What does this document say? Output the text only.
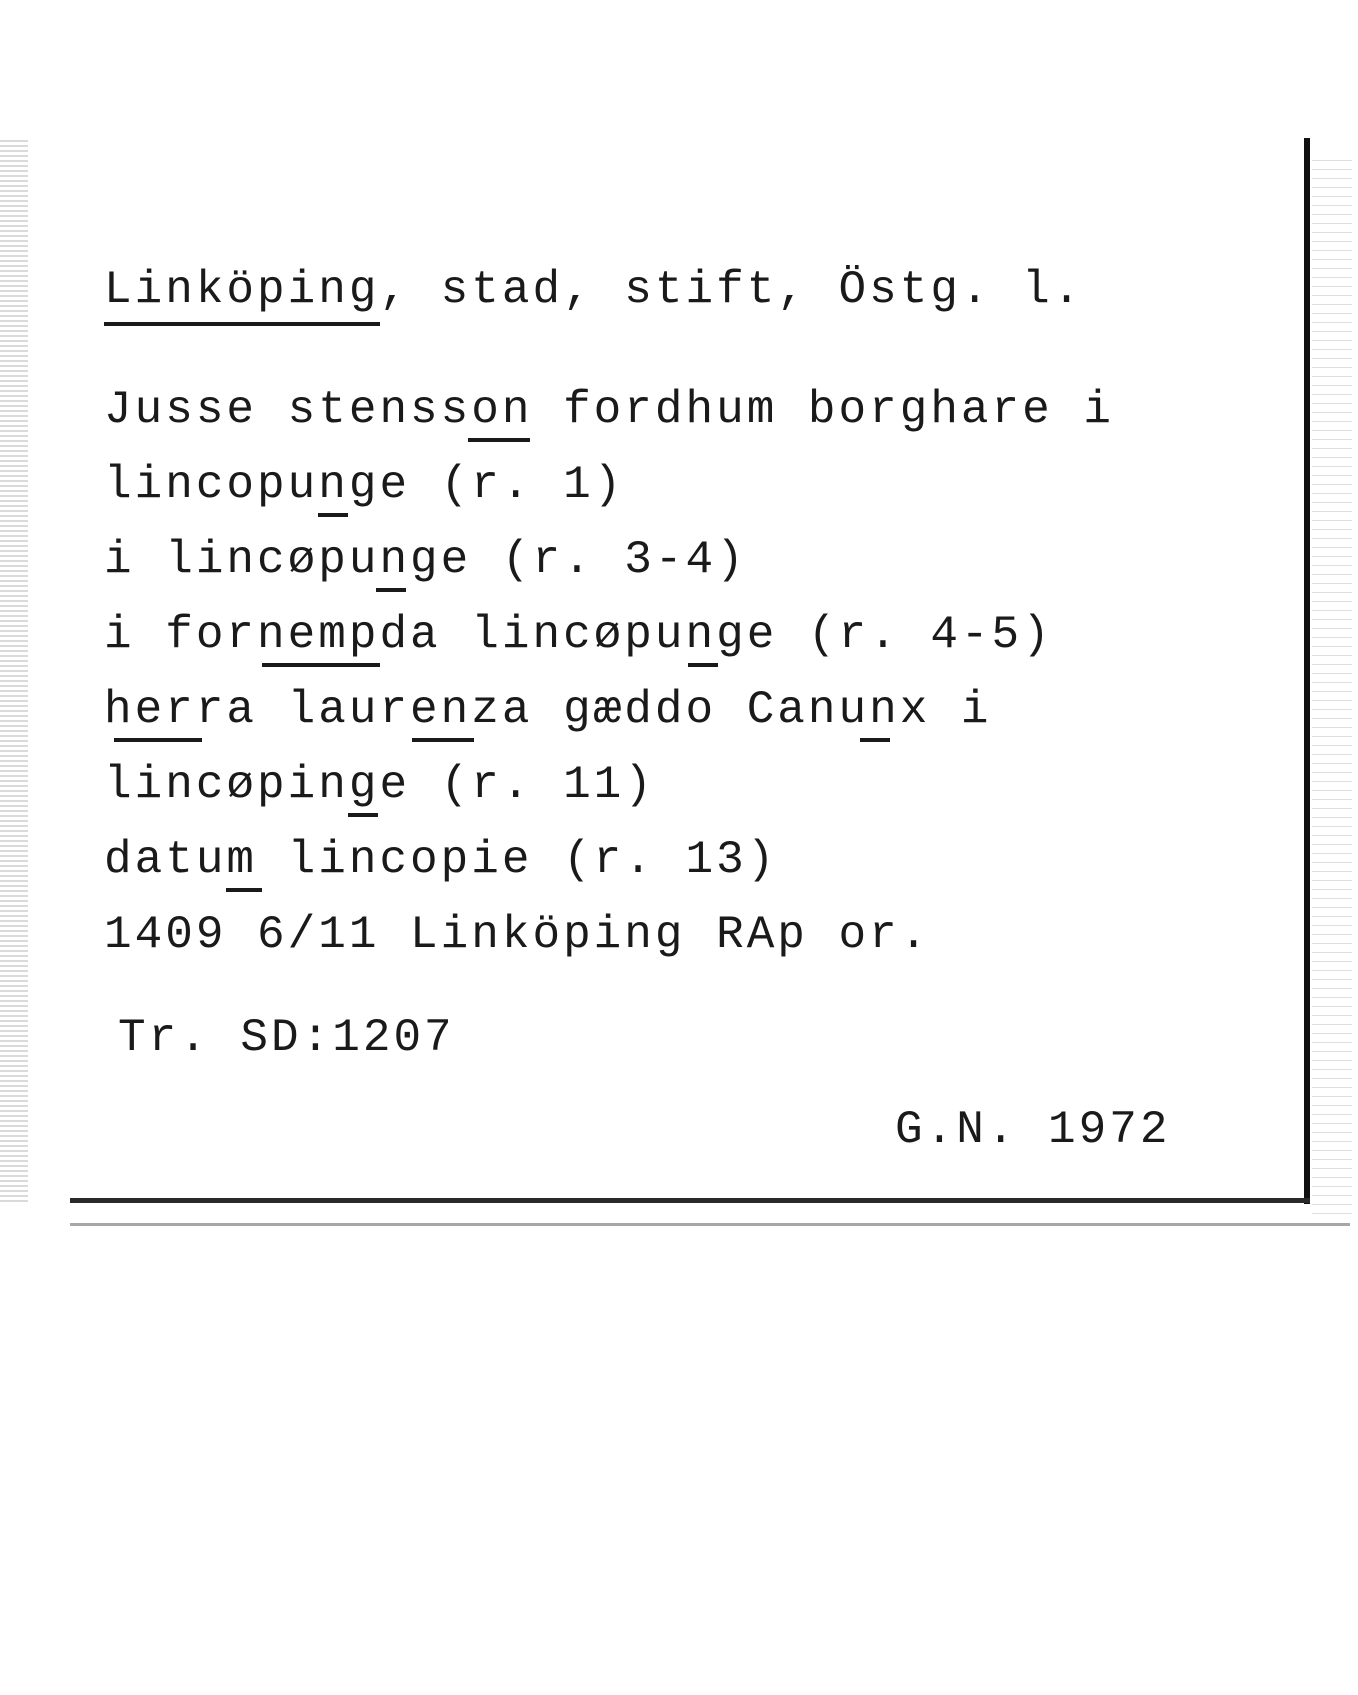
Linköping, stad, stift, Östg. l.
Jusse stensson fordhum borghare i
lincopunge (r. 1)
i lincøpunge (r. 3-4)
i fornempda lincøpunge (r. 4-5)
herra laurenza gæddo Canunx i
lincøpinge (r. 11)
datum lincopie (r. 13)
1409 6/11 Linköping RAp or.
Tr. SD:1207
G.N. 1972
